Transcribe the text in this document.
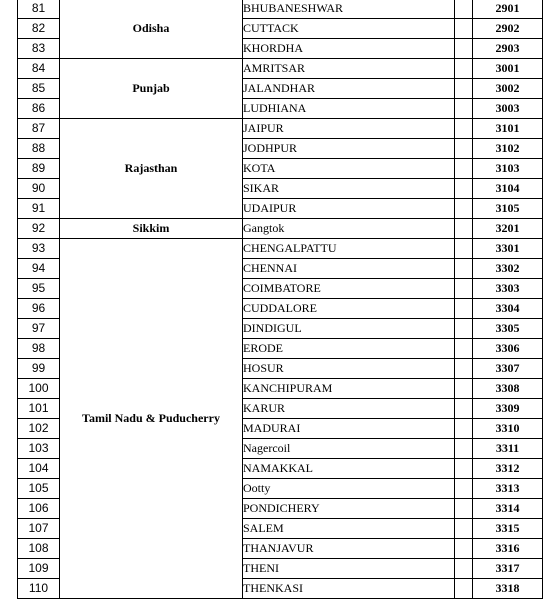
81	Odisha	BHUBANESHWAR		2901
82		CUTTACK		2902
83		KHORDHA		2903
84	Punjab	AMRITSAR		3001
85		JALANDHAR		3002
86		LUDHIANA		3003
87	Rajasthan	JAIPUR		3101
88		JODHPUR		3102
89		KOTA		3103
90		SIKAR		3104
91		UDAIPUR		3105
92	Sikkim	Gangtok		3201
93	Tamil Nadu & Puducherry	CHENGALPATTU		3301
94		CHENNAI		3302
95		COIMBATORE		3303
96		CUDDALORE		3304
97		DINDIGUL		3305
98		ERODE		3306
99		HOSUR		3307
100		KANCHIPURAM		3308
101		KARUR		3309
102		MADURAI		3310
103		Nagercoil		3311
104		NAMAKKAL		3312
105		Ootty		3313
106		PONDICHERY		3314
107		SALEM		3315
108		THANJAVUR		3316
109		THENI		3317
110		THENKASI		3318
